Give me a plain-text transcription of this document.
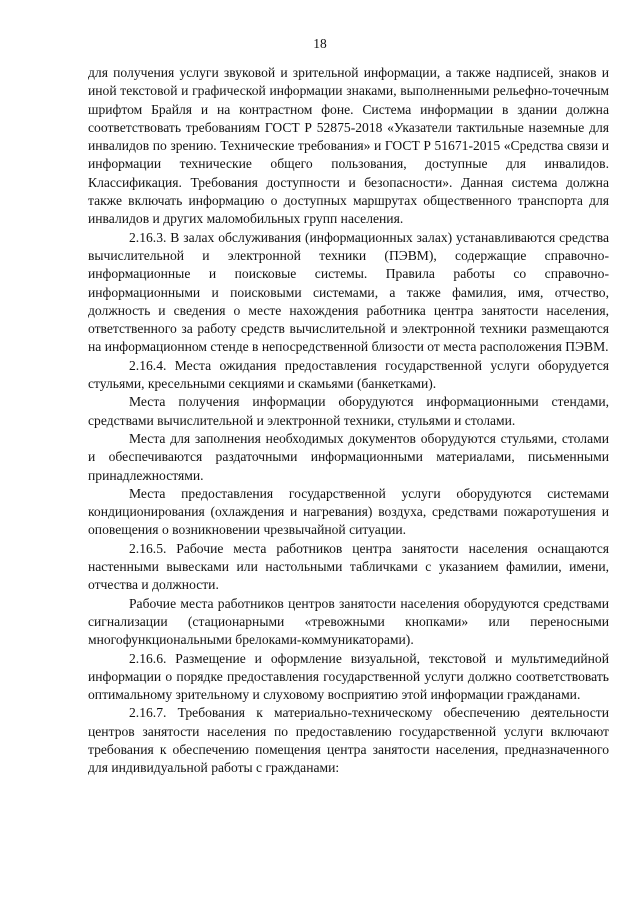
18

для получения услуги звуковой и зрительной информации, а также надписей, знаков и иной текстовой и графической информации знаками, выполненными рельефно-точечным шрифтом Брайля и на контрастном фоне. Система информации в здании должна соответствовать требованиям ГОСТ Р 52875-2018 «Указатели тактильные наземные для инвалидов по зрению. Технические требования» и ГОСТ Р 51671-2015 «Средства связи и информации технические общего пользования, доступные для инвалидов. Классификация. Требования доступности и безопасности». Данная система должна также включать информацию о доступных маршрутах общественного транспорта для инвалидов и других маломобильных групп населения.

2.16.3. В залах обслуживания (информационных залах) устанавливаются средства вычислительной и электронной техники (ПЭВМ), содержащие справочно-информационные и поисковые системы. Правила работы со справочно-информационными и поисковыми системами, а также фамилия, имя, отчество, должность и сведения о месте нахождения работника центра занятости населения, ответственного за работу средств вычислительной и электронной техники размещаются на информационном стенде в непосредственной близости от места расположения ПЭВМ.

2.16.4. Места ожидания предоставления государственной услуги оборудуется стульями, кресельными секциями и скамьями (банкетками).

Места получения информации оборудуются информационными стендами, средствами вычислительной и электронной техники, стульями и столами.

Места для заполнения необходимых документов оборудуются стульями, столами и обеспечиваются раздаточными информационными материалами, письменными принадлежностями.

Места предоставления государственной услуги оборудуются системами кондиционирования (охлаждения и нагревания) воздуха, средствами пожаротушения и оповещения о возникновении чрезвычайной ситуации.

2.16.5. Рабочие места работников центра занятости населения оснащаются настенными вывесками или настольными табличками с указанием фамилии, имени, отчества и должности.

Рабочие места работников центров занятости населения оборудуются средствами сигнализации (стационарными «тревожными кнопками» или переносными многофункциональными брелоками-коммуникаторами).

2.16.6. Размещение и оформление визуальной, текстовой и мультимедийной информации о порядке предоставления государственной услуги должно соответствовать оптимальному зрительному и слуховому восприятию этой информации гражданами.

2.16.7. Требования к материально-техническому обеспечению деятельности центров занятости населения по предоставлению государственной услуги включают требования к обеспечению помещения центра занятости населения, предназначенного для индивидуальной работы с гражданами:
